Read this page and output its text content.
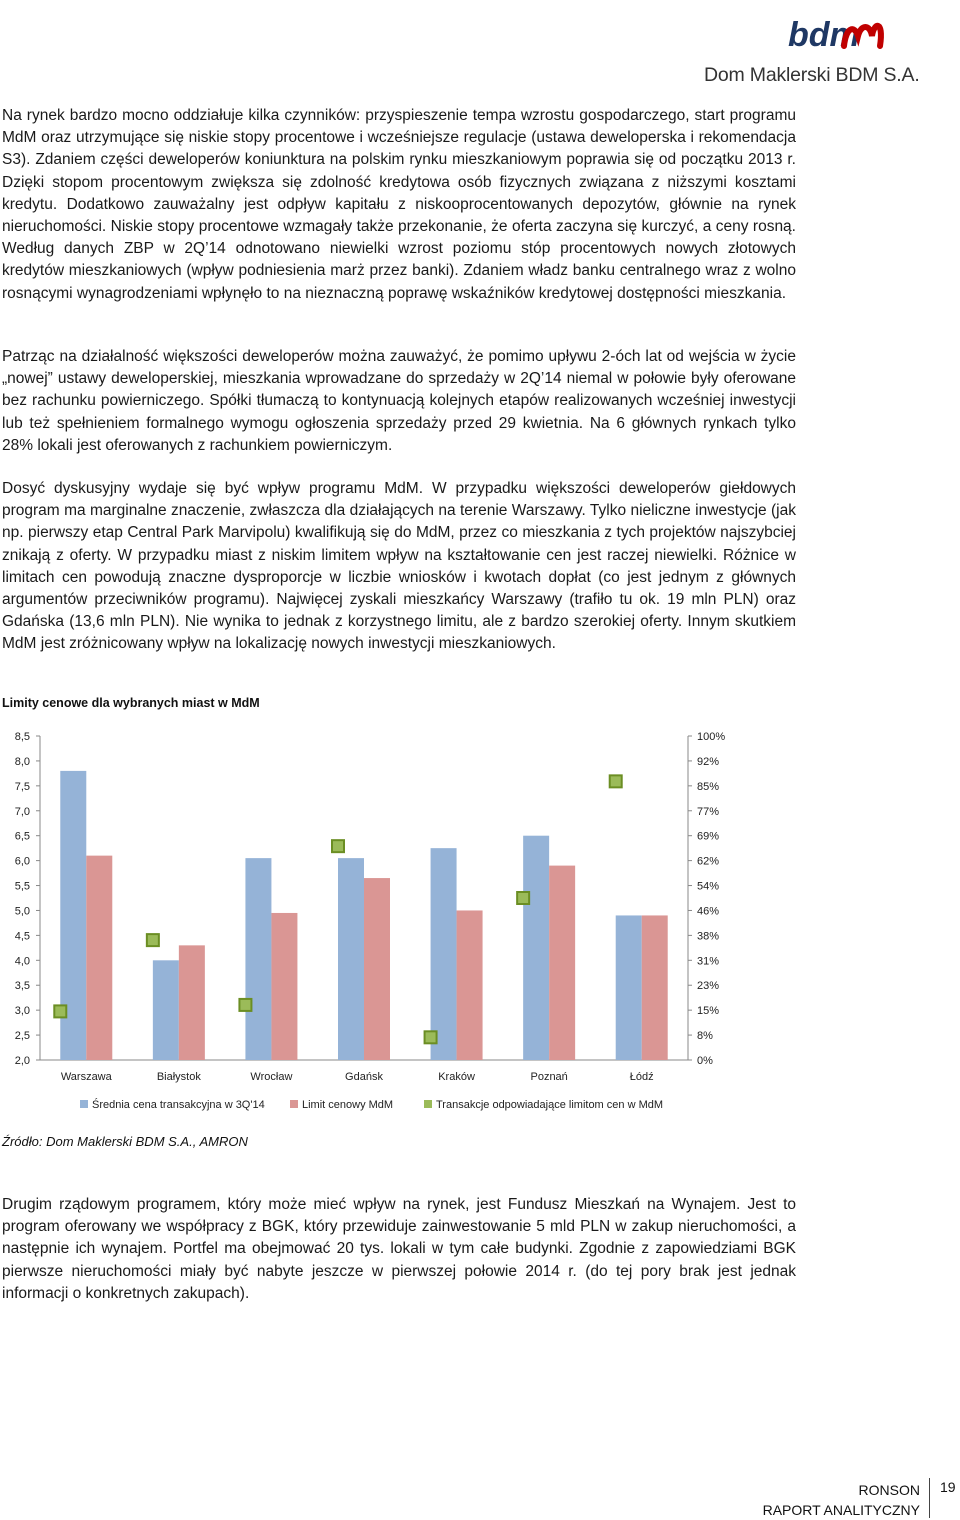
bdm
Dom Maklerski BDM S.A.

Na rynek bardzo mocno oddziałuje kilka czynników: przyspieszenie tempa wzrostu gospodarczego, start programu MdM oraz utrzymujące się niskie stopy procentowe i wcześniejsze regulacje (ustawa deweloperska i rekomendacja S3). Zdaniem części deweloperów koniunktura na polskim rynku mieszkaniowym poprawia się od początku 2013 r. Dzięki stopom procentowym zwiększa się zdolność kredytowa osób fizycznych związana z niższymi kosztami kredytu. Dodatkowo zauważalny jest odpływ kapitału z niskooprocentowanych depozytów, głównie na rynek nieruchomości. Niskie stopy procentowe wzmagały także przekonanie, że oferta zaczyna się kurczyć, a ceny rosną. Według danych ZBP w 2Q’14 odnotowano niewielki wzrost poziomu stóp procentowych nowych złotowych kredytów mieszkaniowych (wpływ podniesienia marż przez banki). Zdaniem władz banku centralnego wraz z wolno rosnącymi wynagrodzeniami wpłynęło to na nieznaczną poprawę wskaźników kredytowej dostępności mieszkania.

Patrząc na działalność większości deweloperów można zauważyć, że pomimo upływu 2-óch lat od wejścia w życie „nowej” ustawy deweloperskiej, mieszkania wprowadzane do sprzedaży w 2Q’14 niemal w połowie były oferowane bez rachunku powierniczego. Spółki tłumaczą to kontynuacją kolejnych etapów realizowanych wcześniej inwestycji lub też spełnieniem formalnego wymogu ogłoszenia sprzedaży przed 29 kwietnia. Na 6 głównych rynkach tylko 28% lokali jest oferowanych z rachunkiem powierniczym.

Dosyć dyskusyjny wydaje się być wpływ programu MdM. W przypadku większości deweloperów giełdowych program ma marginalne znaczenie, zwłaszcza dla działających na terenie Warszawy. Tylko nieliczne inwestycje (jak np. pierwszy etap Central Park Marvipolu) kwalifikują się do MdM, przez co mieszkania z tych projektów najszybciej znikają z oferty. W przypadku miast z niskim limitem wpływ na kształtowanie cen jest raczej niewielki. Różnice w limitach cen powodują znaczne dysproporcje w liczbie wniosków i kwotach dopłat (co jest jednym z głównych argumentów przeciwników programu). Najwięcej zyskali mieszkańcy Warszawy (trafiło tu ok. 19 mln PLN) oraz Gdańska (13,6 mln PLN). Nie wynika to jednak z korzystnego limitu, ale z bardzo szerokiej oferty. Innym skutkiem MdM jest zróżnicowany wpływ na lokalizację nowych inwestycji mieszkaniowych.

Limity cenowe dla wybranych miast w MdM
2,0
2,5
3,0
3,5
4,0
4,5
5,0
5,5
6,0
6,5
7,0
7,5
8,0
8,5
0%
8%
15%
23%
31%
38%
46%
54%
62%
69%
77%
85%
92%
100%
Warszawa	Białystok	Wrocław	Gdańsk	Kraków	Poznań	Łódź
Średnia cena transakcyjna w 3Q'14	Limit cenowy MdM	Transakcje odpowiadające limitom cen w MdM
Źródło: Dom Maklerski BDM S.A., AMRON

Drugim rządowym programem, który może mieć wpływ na rynek, jest Fundusz Mieszkań na Wynajem. Jest to program oferowany we współpracy z BGK, który przewiduje zainwestowanie 5 mld PLN w zakup nieruchomości, a następnie ich wynajem. Portfel ma obejmować 20 tys. lokali w tym całe budynki. Zgodnie z zapowiedziami BGK pierwsze nieruchomości miały być nabyte jeszcze w pierwszej połowie 2014 r. (do tej pory brak jest jednak informacji o konkretnych zakupach).

RONSON
RAPORT ANALITYCZNY
19
